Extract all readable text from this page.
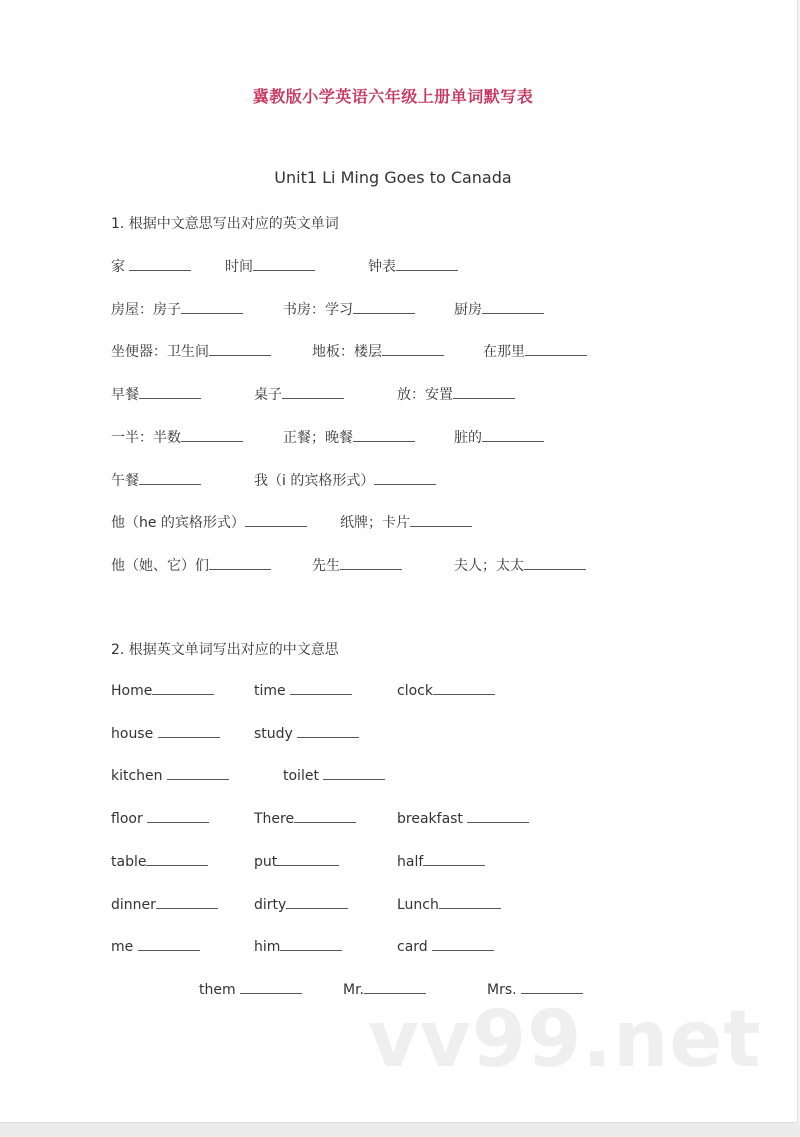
冀教版小学英语六年级上册单词默写表
Unit1 Li Ming Goes to Canada
1. 根据中文意思写出对应的英文单词
家	时间	钟表
房屋：房子	书房：学习	厨房
坐便器：卫生间	地板：楼层	在那里
早餐	桌子	放：安置
一半：半数	正餐；晚餐	脏的
午餐	我（i 的宾格形式）
他（he 的宾格形式）	纸牌；卡片
他（她、它）们	先生	夫人；太太
2. 根据英文单词写出对应的中文意思
Home	time	clock
house	study
kitchen	toilet
floor	There	breakfast
table	put	half
dinner	dirty	Lunch
me	him	card
them	Mr.	Mrs.
vv99.net
